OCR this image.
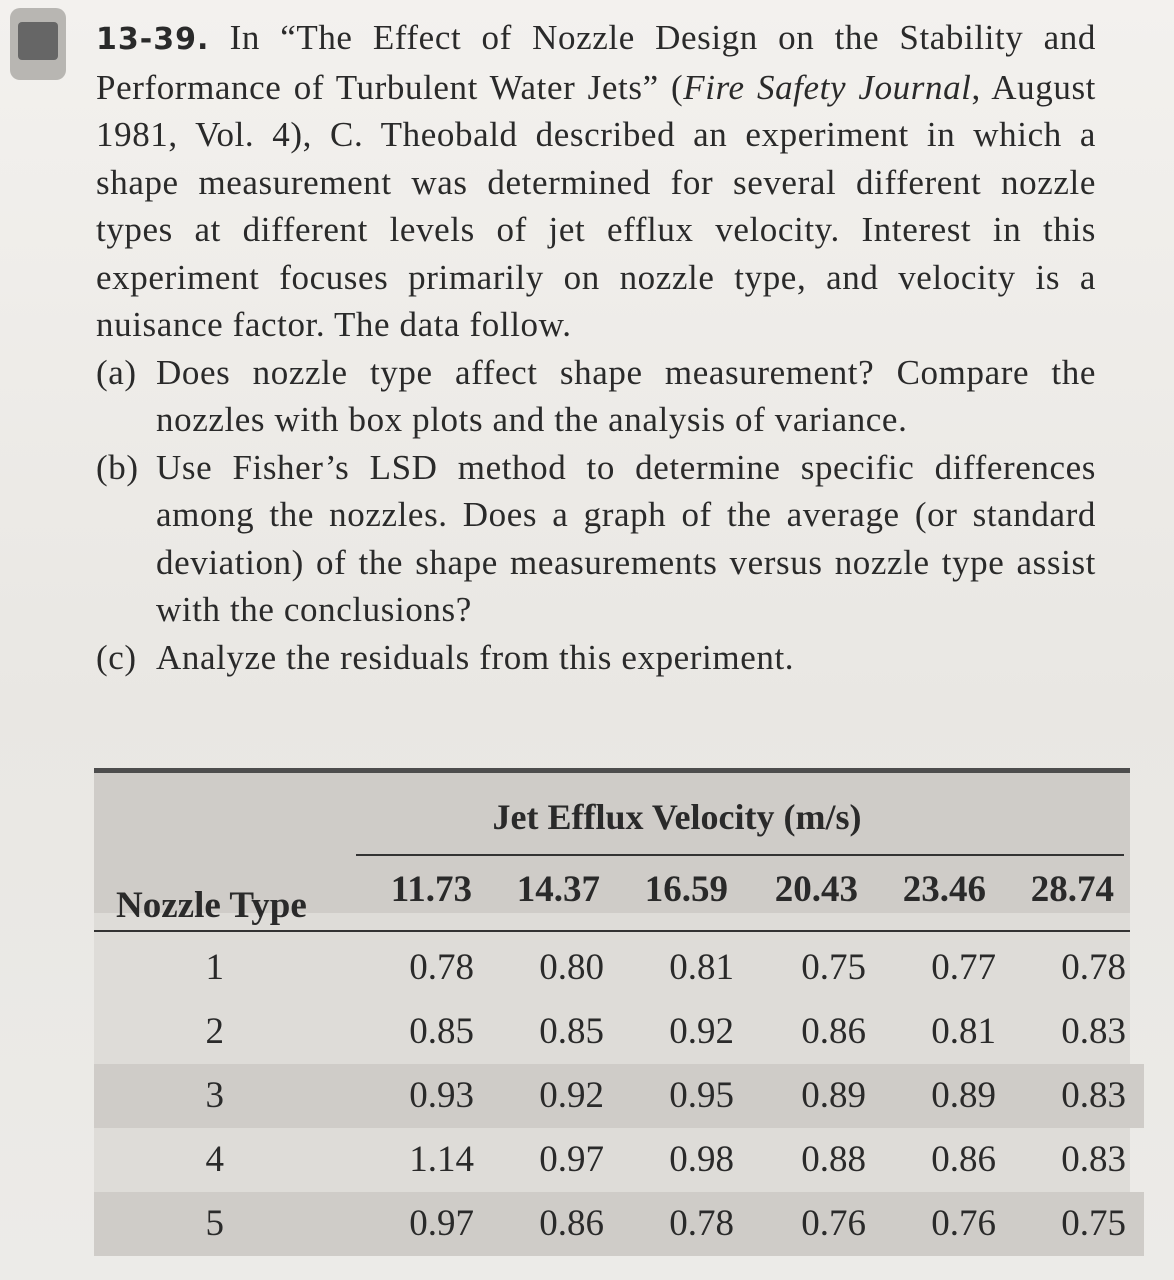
13-39. In “The Effect of Nozzle Design on the Stability and Performance of Turbulent Water Jets” (Fire Safety Journal, August 1981, Vol. 4), C. Theobald described an experiment in which a shape measurement was determined for several different nozzle types at different levels of jet efflux velocity. Interest in this experiment focuses primarily on nozzle type, and velocity is a nuisance factor. The data follow.
(a) Does nozzle type affect shape measurement? Compare the nozzles with box plots and the analysis of variance.
(b) Use Fisher’s LSD method to determine specific differences among the nozzles. Does a graph of the average (or standard deviation) of the shape measurements versus nozzle type assist with the conclusions?
(c) Analyze the residuals from this experiment.
Jet Efflux Velocity (m/s)
Nozzle Type	11.73	14.37	16.59	20.43	23.46	28.74
1	0.78	0.80	0.81	0.75	0.77	0.78
2	0.85	0.85	0.92	0.86	0.81	0.83
3	0.93	0.92	0.95	0.89	0.89	0.83
4	1.14	0.97	0.98	0.88	0.86	0.83
5	0.97	0.86	0.78	0.76	0.76	0.75
